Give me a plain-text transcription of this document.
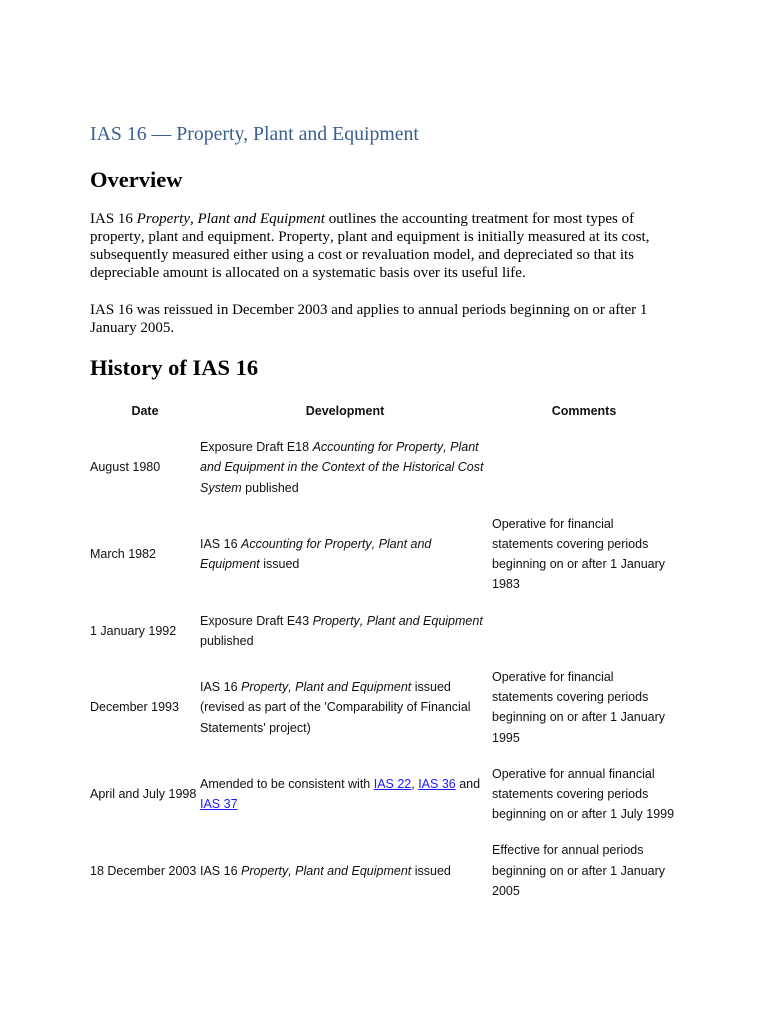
IAS 16 — Property, Plant and Equipment
Overview

IAS 16 Property, Plant and Equipment outlines the accounting treatment for most types of property, plant and equipment. Property, plant and equipment is initially measured at its cost, subsequently measured either using a cost or revaluation model, and depreciated so that its depreciable amount is allocated on a systematic basis over its useful life.

IAS 16 was reissued in December 2003 and applies to annual periods beginning on or after 1 January 2005.

History of IAS 16
Date	Development	Comments
August 1980
Exposure Draft E18 Accounting for Property, Plant and Equipment in the Context of the Historical Cost System published
March 1982
IAS 16 Accounting for Property, Plant and Equipment issued
Operative for financial statements covering periods beginning on or after 1 January 1983
1 January 1992
Exposure Draft E43 Property, Plant and Equipment published
December 1993
IAS 16 Property, Plant and Equipment issued (revised as part of the 'Comparability of Financial Statements' project)
Operative for financial statements covering periods beginning on or after 1 January 1995
April and July 1998
Amended to be consistent with IAS 22, IAS 36 and IAS 37
Operative for annual financial statements covering periods beginning on or after 1 July 1999
18 December 2003 IAS 16 Property, Plant and Equipment issued
Effective for annual periods beginning on or after 1 January 2005
